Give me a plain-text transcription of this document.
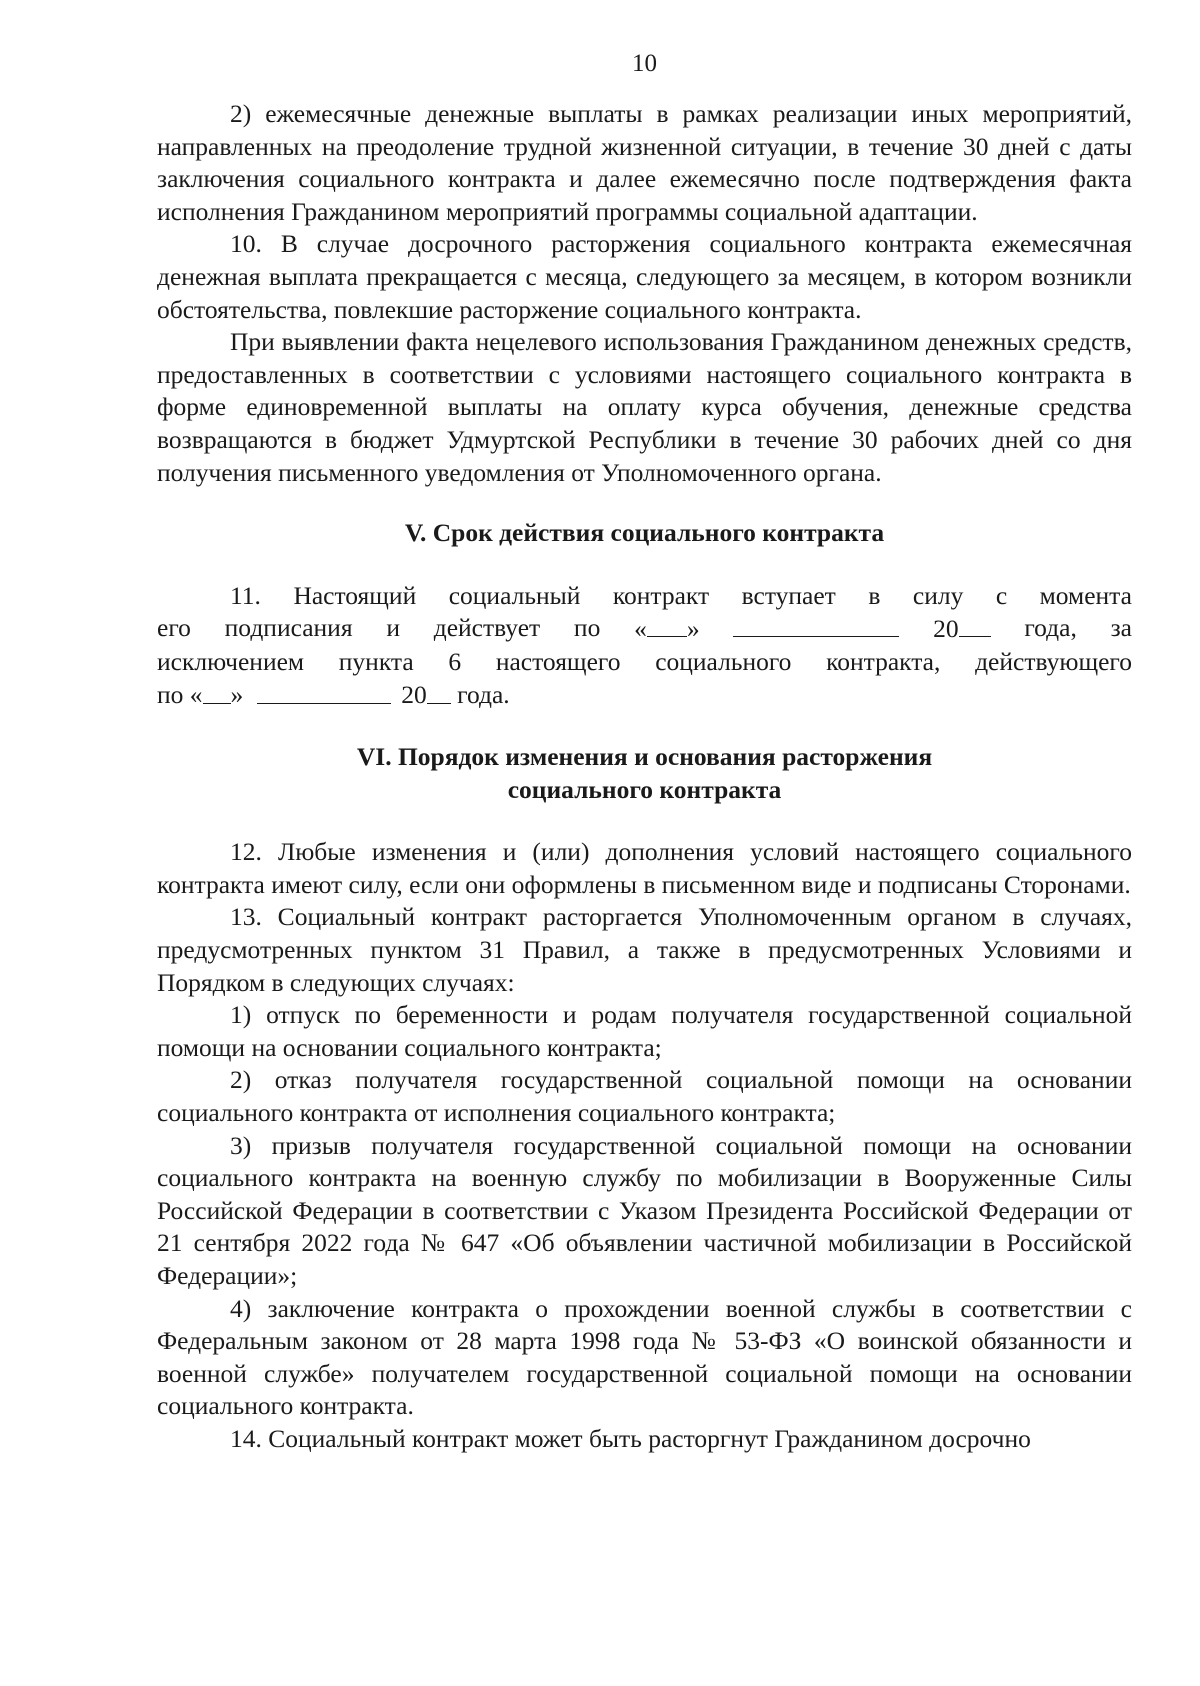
10

2) ежемесячные денежные выплаты в рамках реализации иных мероприятий, направленных на преодоление трудной жизненной ситуации, в течение 30 дней с даты заключения социального контракта и далее ежемесячно после подтверждения факта исполнения Гражданином мероприятий программы социальной адаптации.

10. В случае досрочного расторжения социального контракта ежемесячная денежная выплата прекращается с месяца, следующего за месяцем, в котором возникли обстоятельства, повлекшие расторжение социального контракта.

При выявлении факта нецелевого использования Гражданином денежных средств, предоставленных в соответствии с условиями настоящего социального контракта в форме единовременной выплаты на оплату курса обучения, денежные средства возвращаются в бюджет Удмуртской Республики в течение 30 рабочих дней со дня получения письменного уведомления от Уполномоченного органа.

V. Срок действия социального контракта
11. Настоящий социальный контракт вступает в силу с момента
его подписания и действует по « »	20	года, за
исключением пункта 6 настоящего социального контракта, действующего
по « »	20 года.
VI. Порядок изменения и основания расторжения
социального контракта

12. Любые изменения и (или) дополнения условий настоящего социального контракта имеют силу, если они оформлены в письменном виде и подписаны Сторонами.

13. Социальный контракт расторгается Уполномоченным органом в случаях, предусмотренных пунктом 31 Правил, а также в предусмотренных Условиями и Порядком в следующих случаях:

1) отпуск по беременности и родам получателя государственной социальной помощи на основании социального контракта;

2) отказ получателя государственной социальной помощи на основании социального контракта от исполнения социального контракта;

3) призыв получателя государственной социальной помощи на основании социального контракта на военную службу по мобилизации в Вооруженные Силы Российской Федерации в соответствии с Указом Президента Российской Федерации от 21 сентября 2022 года № 647 «Об объявлении частичной мобилизации в Российской Федерации»;

4) заключение контракта о прохождении военной службы в соответствии с Федеральным законом от 28 марта 1998 года № 53-ФЗ «О воинской обязанности и военной службе» получателем государственной социальной помощи на основании социального контракта.

14. Социальный контракт может быть расторгнут Гражданином досрочно
